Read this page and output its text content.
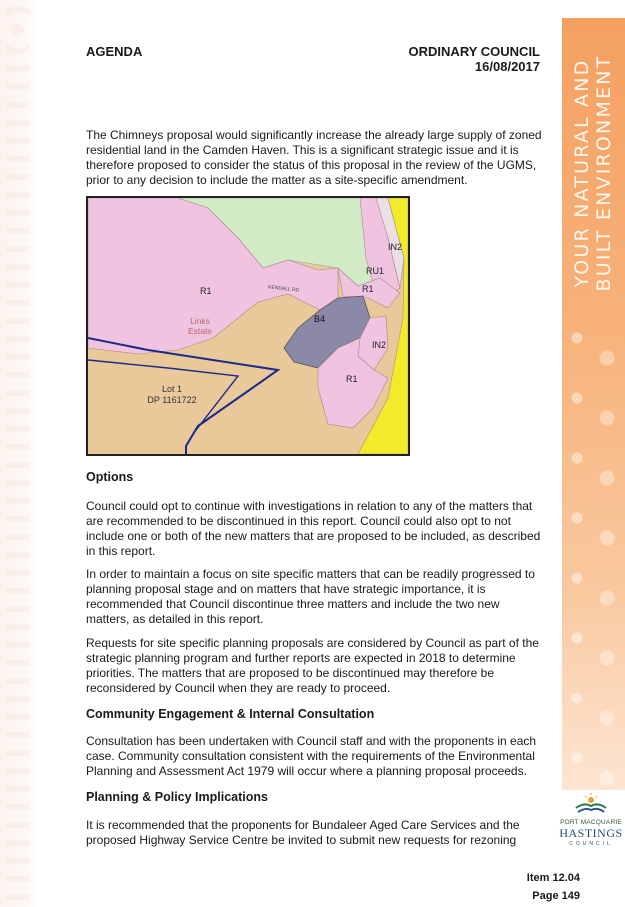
YOUR NATURAL AND BUILT ENVIRONMENT
AGENDA	ORDINARY COUNCIL
16/08/2017
The Chimneys proposal would significantly increase the already large supply of zoned residential land in the Camden Haven. This is a significant strategic issue and it is therefore proposed to consider the status of this proposal in the review of the UGMS, prior to any decision to include the matter as a site-specific amendment.
R1	R1
R1
RU1
IN2
IN2
B4
Links
Estate
Lot 1
DP 1161722
KENDALL RD
Options
Council could opt to continue with investigations in relation to any of the matters that are recommended to be discontinued in this report. Council could also opt to not include one or both of the new matters that are proposed to be included, as described in this report.
In order to maintain a focus on site specific matters that can be readily progressed to planning proposal stage and on matters that have strategic importance, it is recommended that Council discontinue three matters and include the two new matters, as detailed in this report.
Requests for site specific planning proposals are considered by Council as part of the strategic planning program and further reports are expected in 2018 to determine priorities. The matters that are proposed to be discontinued may therefore be reconsidered by Council when they are ready to proceed.
Community Engagement & Internal Consultation
Consultation has been undertaken with Council staff and with the proponents in each case. Community consultation consistent with the requirements of the Environmental Planning and Assessment Act 1979 will occur where a planning proposal proceeds.
Planning & Policy Implications
It is recommended that the proponents for Bundaleer Aged Care Services and the proposed Highway Service Centre be invited to submit new requests for rezoning
PORT MACQUARIE
HASTINGS
COUNCIL
Item 12.04
Page 149
